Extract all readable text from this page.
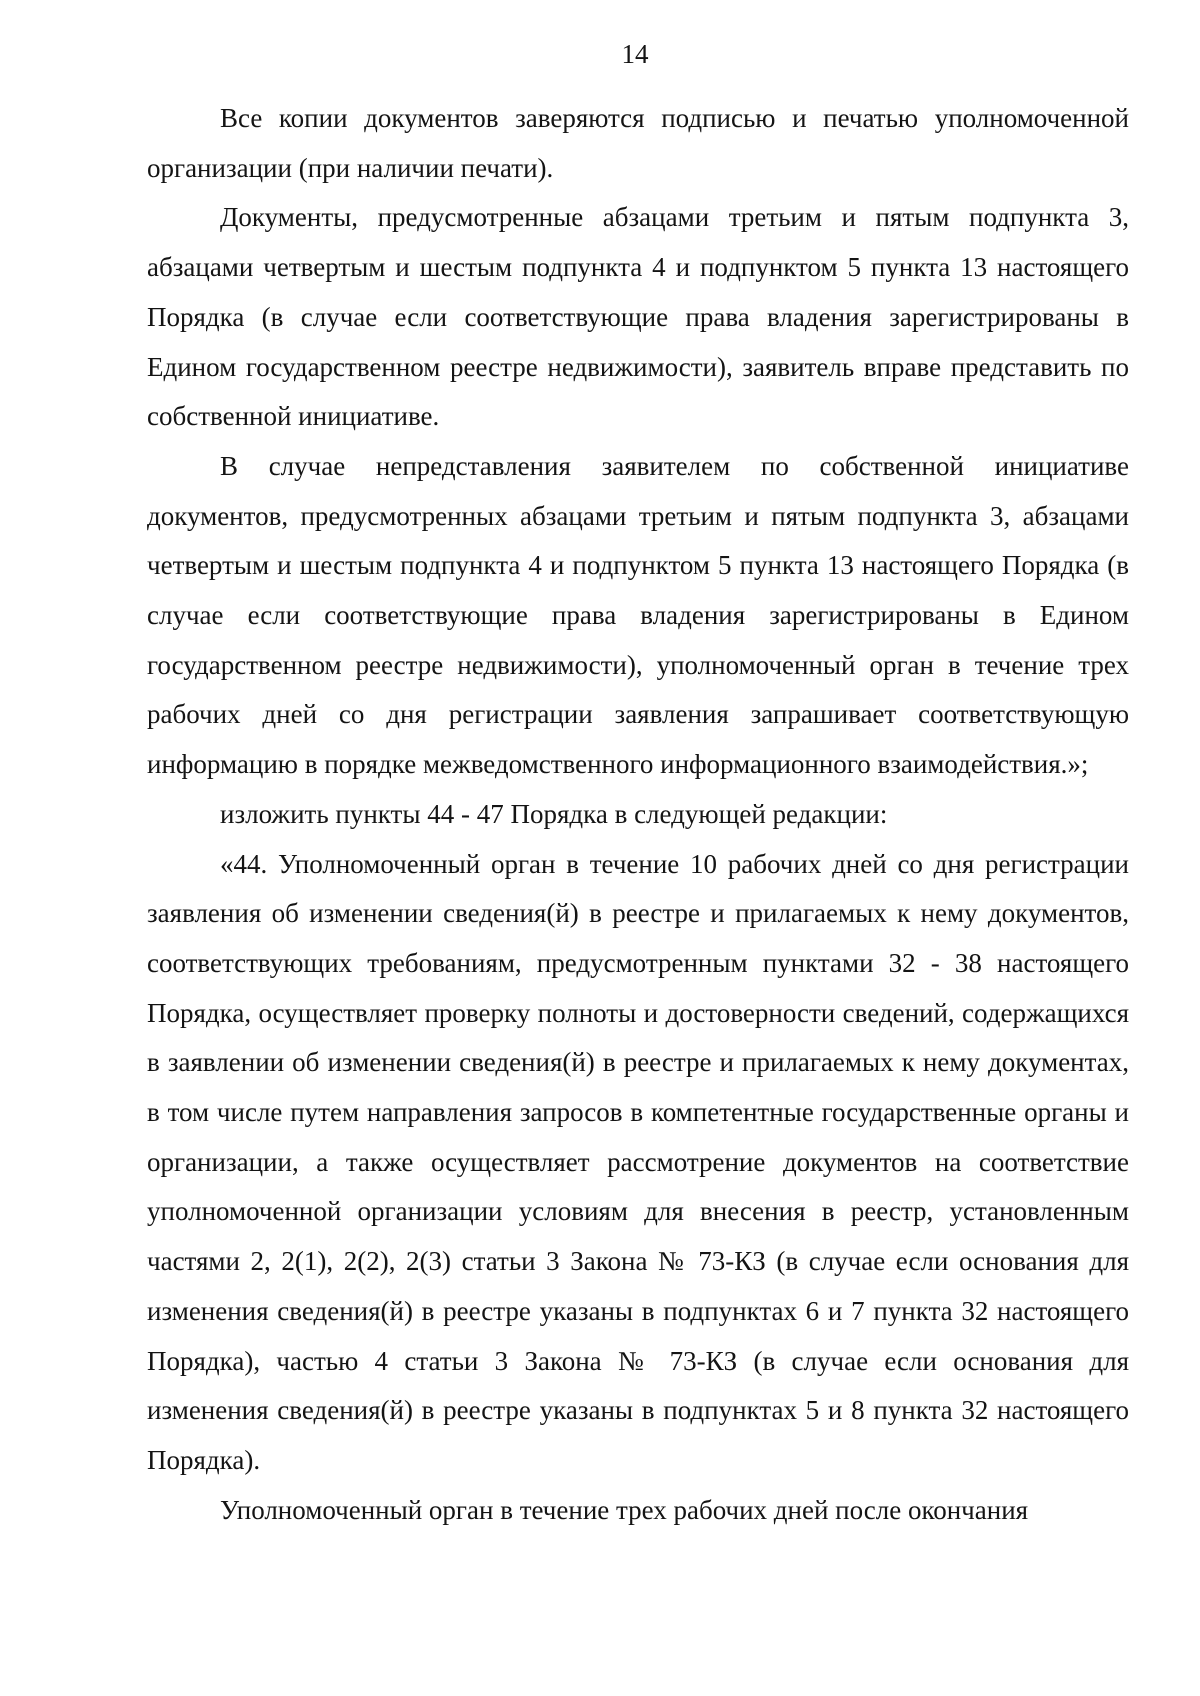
14

Все копии документов заверяются подписью и печатью уполномоченной организации (при наличии печати).

Документы, предусмотренные абзацами третьим и пятым подпункта 3, абзацами четвертым и шестым подпункта 4 и подпунктом 5 пункта 13 настоящего Порядка (в случае если соответствующие права владения зарегистрированы в Едином государственном реестре недвижимости), заявитель вправе представить по собственной инициативе.

В случае непредставления заявителем по собственной инициативе документов, предусмотренных абзацами третьим и пятым подпункта 3, абзацами четвертым и шестым подпункта 4 и подпунктом 5 пункта 13 настоящего Порядка (в случае если соответствующие права владения зарегистрированы в Едином государственном реестре недвижимости), уполномоченный орган в течение трех рабочих дней со дня регистрации заявления запрашивает соответствующую информацию в порядке межведомственного информационного взаимодействия.»;

изложить пункты 44 - 47 Порядка в следующей редакции:

«44. Уполномоченный орган в течение 10 рабочих дней со дня регистрации заявления об изменении сведения(й) в реестре и прилагаемых к нему документов, соответствующих требованиям, предусмотренным пунктами 32 - 38 настоящего Порядка, осуществляет проверку полноты и достоверности сведений, содержащихся в заявлении об изменении сведения(й) в реестре и прилагаемых к нему документах, в том числе путем направления запросов в компетентные государственные органы и организации, а также осуществляет рассмотрение документов на соответствие уполномоченной организации условиям для внесения в реестр, установленным частями 2, 2(1), 2(2), 2(3) статьи 3 Закона № 73-КЗ (в случае если основания для изменения сведения(й) в реестре указаны в подпунктах 6 и 7 пункта 32 настоящего Порядка), частью 4 статьи 3 Закона № 73-КЗ (в случае если основания для изменения сведения(й) в реестре указаны в подпунктах 5 и 8 пункта 32 настоящего Порядка).

Уполномоченный орган в течение трех рабочих дней после окончания
